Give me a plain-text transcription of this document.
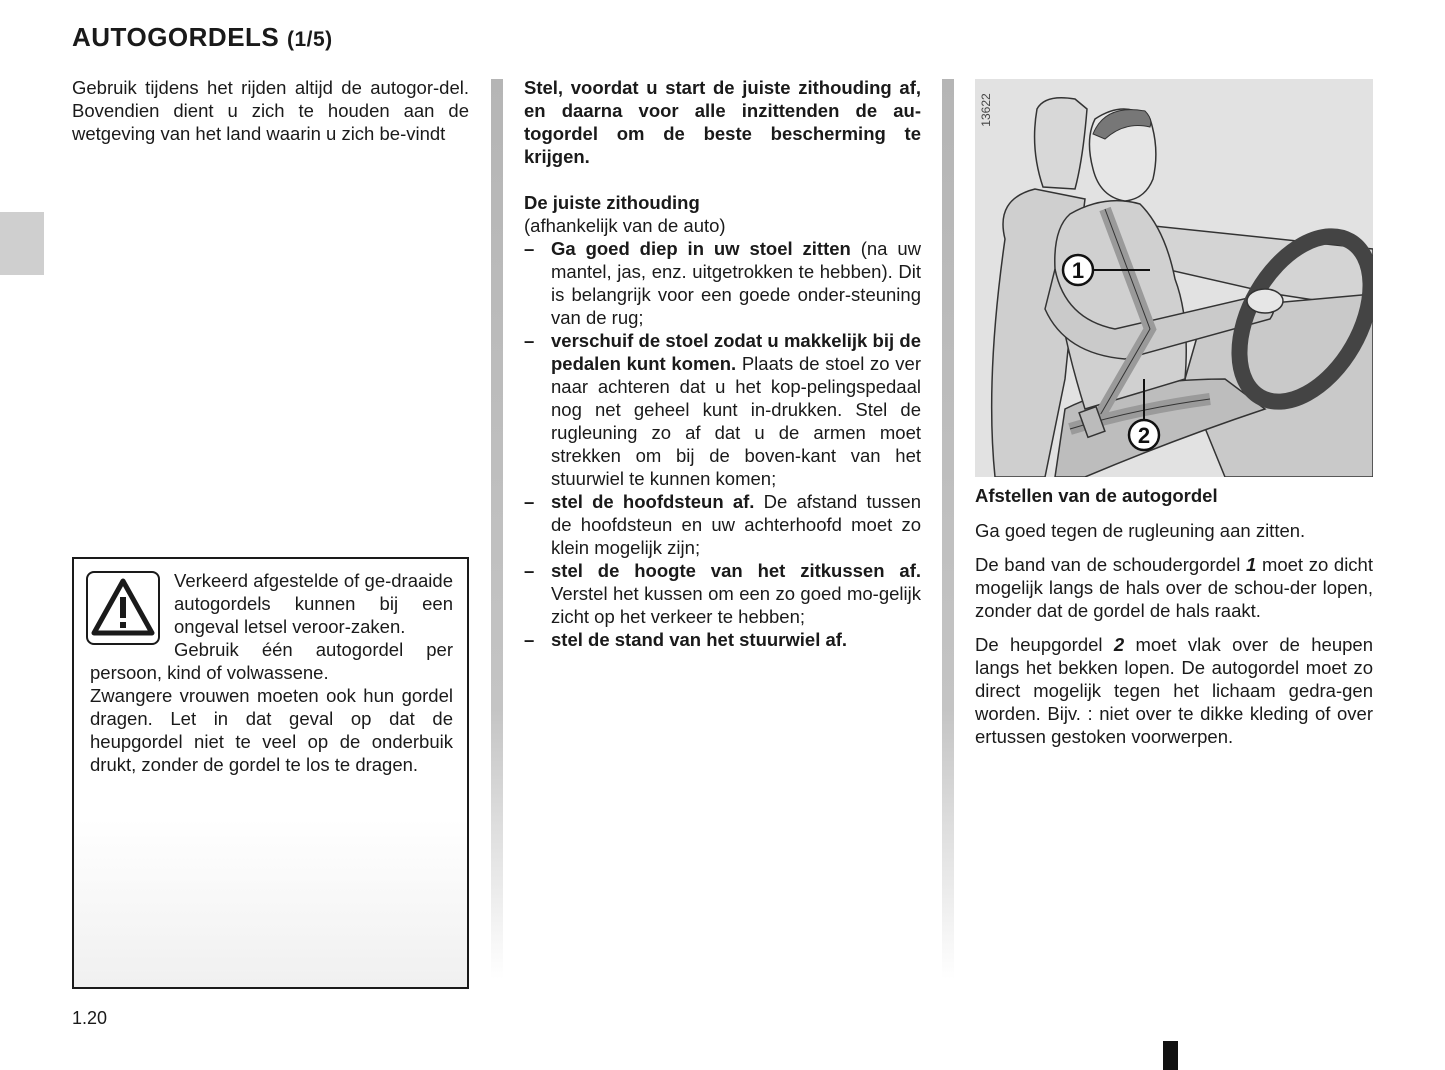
AUTOGORDELS (1/5)

Gebruik tijdens het rijden altijd de autogor-del. Bovendien dient u zich te houden aan de wetgeving van het land waarin u zich be-vindt

Verkeerd afgestelde of ge-draaide autogordels kunnen bij een ongeval letsel veroor-zaken.

Gebruik één autogordel per persoon, kind of volwassene.

Zwangere vrouwen moeten ook hun gordel dragen. Let in dat geval op dat de heupgordel niet te veel op de onderbuik drukt, zonder de gordel te los te dragen.

Stel, voordat u start de juiste zithouding af, en daarna voor alle inzittenden de au-togordel om de beste bescherming te krijgen.

De juiste zithouding

(afhankelijk van de auto)

– Ga goed diep in uw stoel zitten (na uw mantel, jas, enz. uitgetrokken te hebben). Dit is belangrijk voor een goede onder-steuning van de rug;
– verschuif de stoel zodat u makkelijk bij de pedalen kunt komen. Plaats de stoel zo ver naar achteren dat u het kop-pelingspedaal nog net geheel kunt in-drukken. Stel de rugleuning zo af dat u de armen moet strekken om bij de boven-kant van het stuurwiel te kunnen komen;
– stel de hoofdsteun af. De afstand tussen de hoofdsteun en uw achterhoofd moet zo klein mogelijk zijn;
– stel de hoogte van het zitkussen af. Verstel het kussen om een zo goed mo-gelijk zicht op het verkeer te hebben;
– stel de stand van het stuurwiel af.
1
2
13622

Afstellen van de autogordel

Ga goed tegen de rugleuning aan zitten.

De band van de schoudergordel 1 moet zo dicht mogelijk langs de hals over de schou-der lopen, zonder dat de gordel de hals raakt.

De heupgordel 2 moet vlak over de heupen langs het bekken lopen. De autogordel moet zo direct mogelijk tegen het lichaam gedra-gen worden. Bijv. : niet over te dikke kleding of over ertussen gestoken voorwerpen.

1.20
